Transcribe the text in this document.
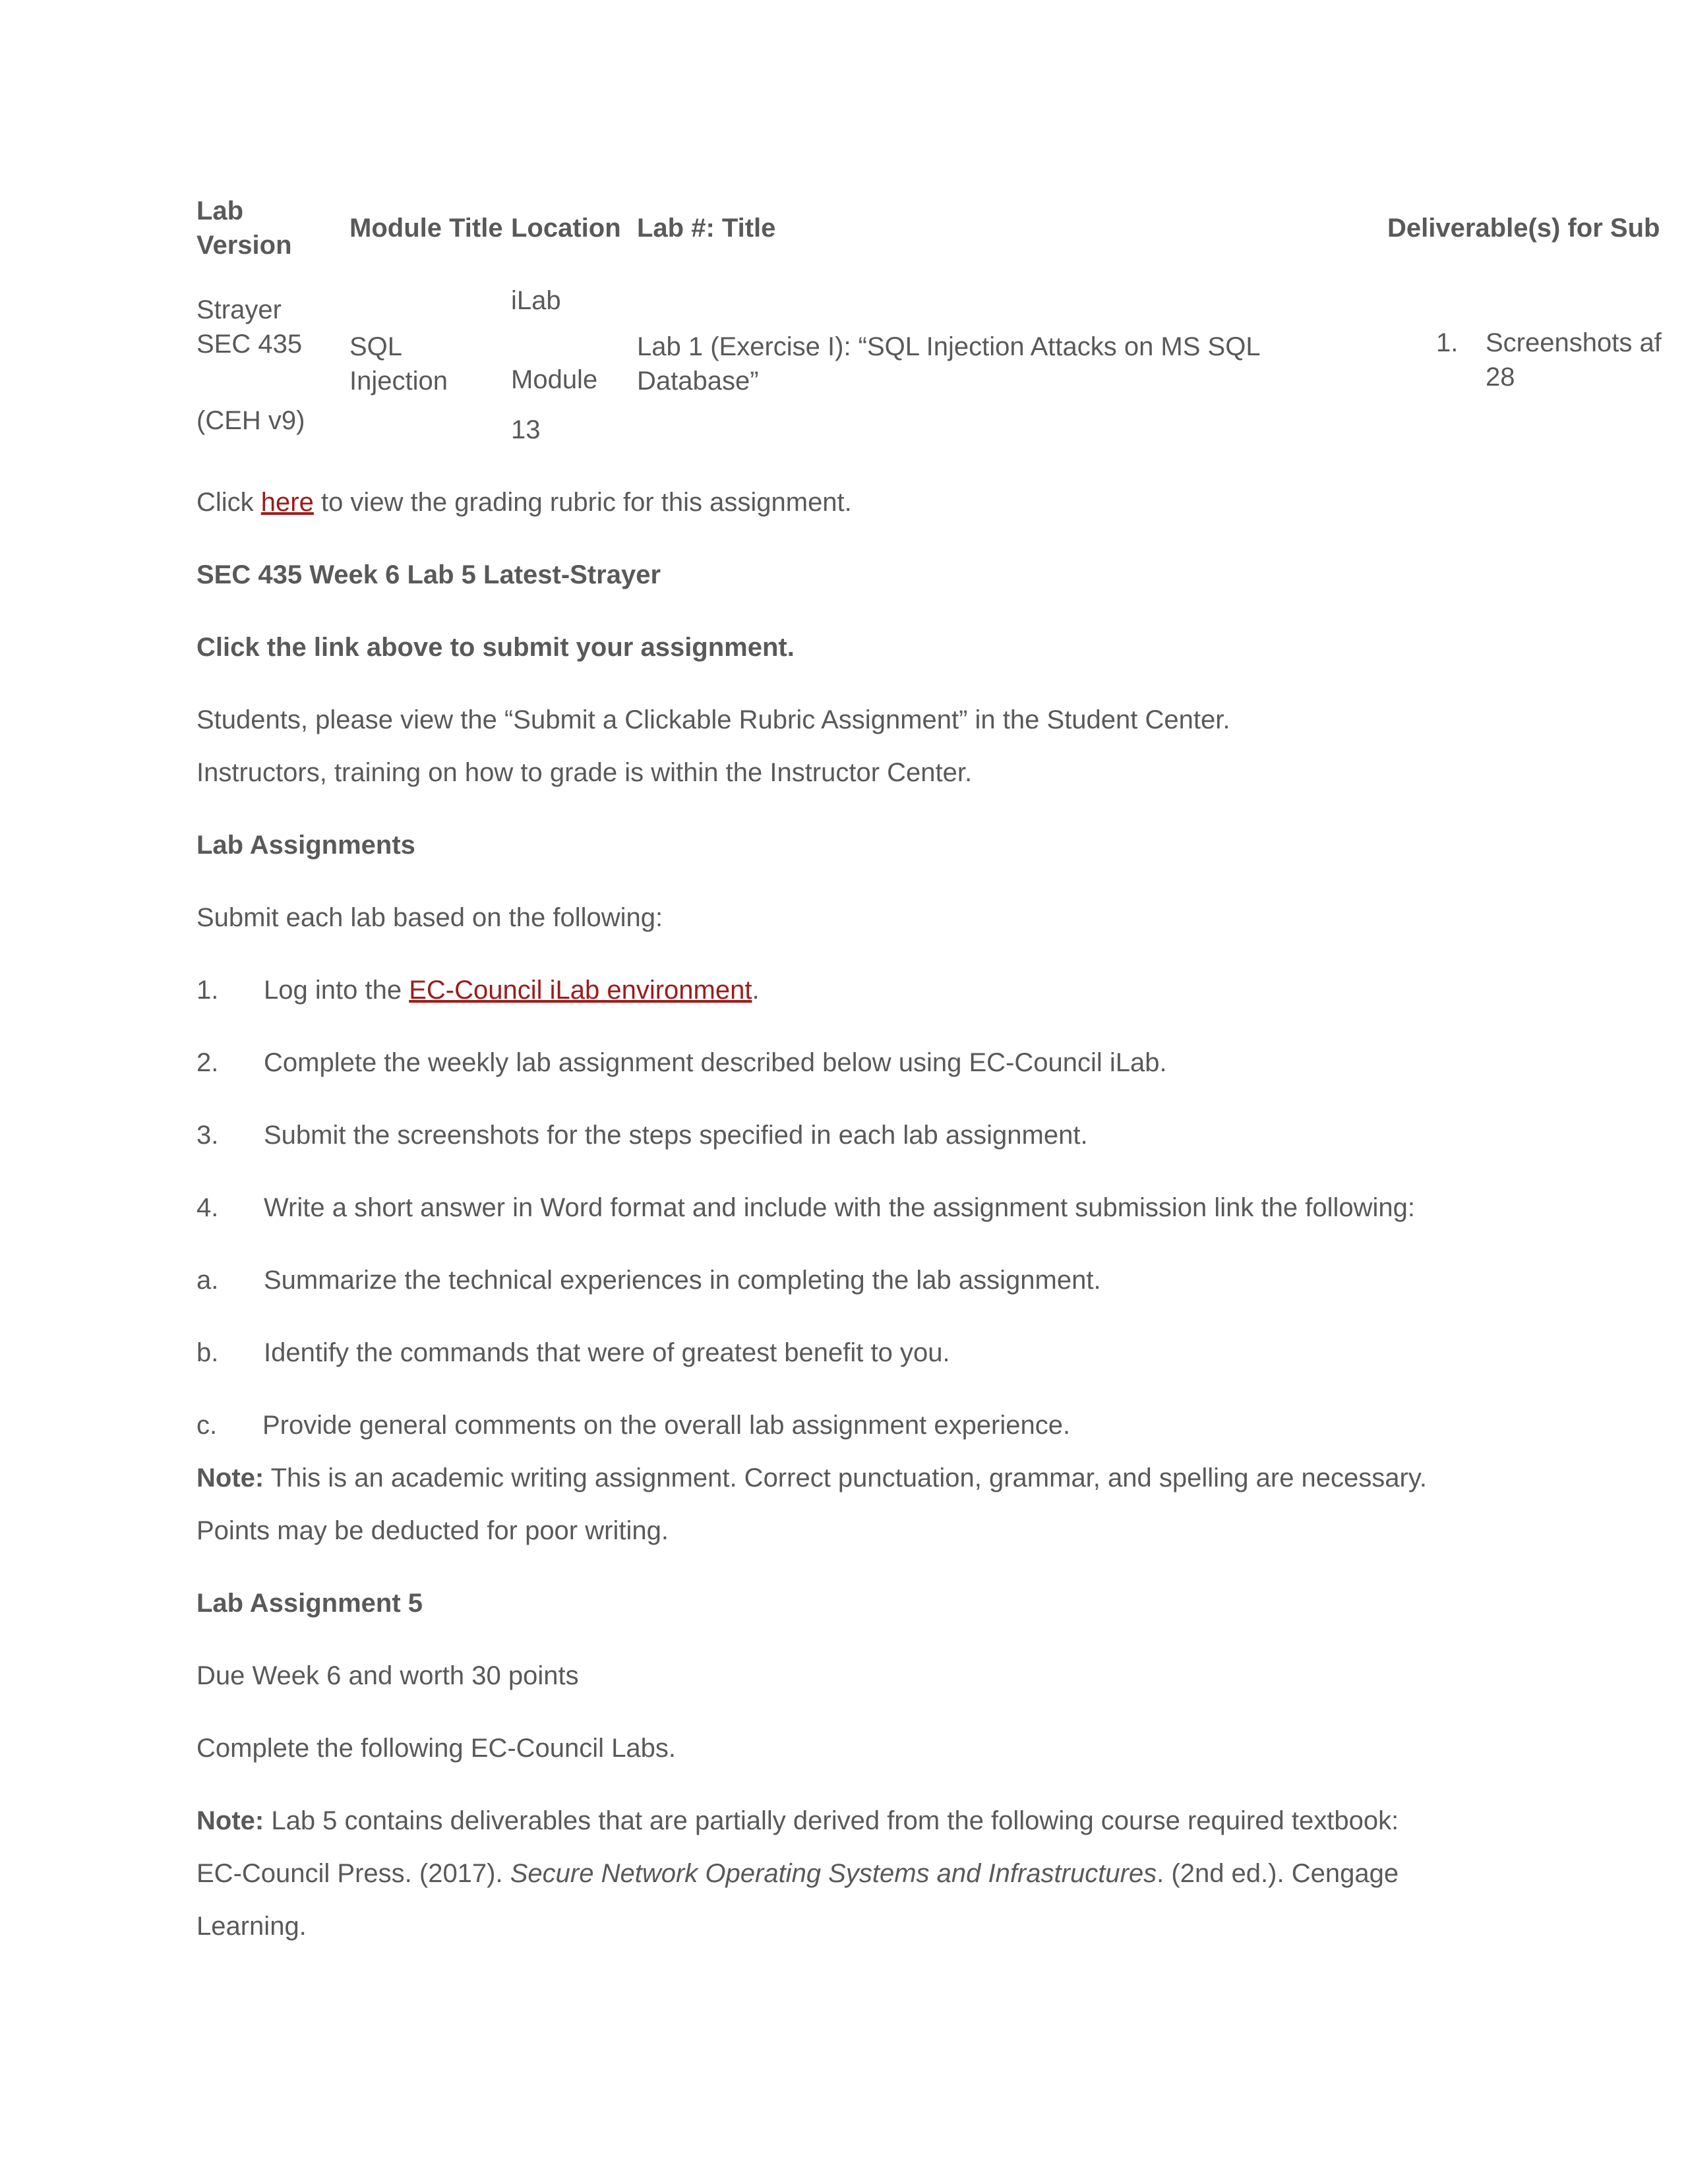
Lab
Version
Module Title Location Lab #: Title	Deliverable(s) for Sub
Strayer
SEC 435
(CEH v9)
SQL
Injection
iLab
Module
13
Lab 1 (Exercise I): “SQL Injection Attacks on MS SQL
Database”
1. Screenshots af
28
Click here to view the grading rubric for this assignment.
SEC 435 Week 6 Lab 5 Latest-Strayer
Click the link above to submit your assignment.
Students, please view the “Submit a Clickable Rubric Assignment” in the Student Center.
Instructors, training on how to grade is within the Instructor Center.
Lab Assignments
Submit each lab based on the following:
1. Log into the EC-Council iLab environment.
2. Complete the weekly lab assignment described below using EC-Council iLab.
3. Submit the screenshots for the steps specified in each lab assignment.
4. Write a short answer in Word format and include with the assignment submission link the following:
a. Summarize the technical experiences in completing the lab assignment.
b. Identify the commands that were of greatest benefit to you.
c. Provide general comments on the overall lab assignment experience.
Note: This is an academic writing assignment. Correct punctuation, grammar, and spelling are necessary.
Points may be deducted for poor writing.
Lab Assignment 5
Due Week 6 and worth 30 points
Complete the following EC-Council Labs.
Note: Lab 5 contains deliverables that are partially derived from the following course required textbook:
EC-Council Press. (2017). Secure Network Operating Systems and Infrastructures. (2nd ed.). Cengage
Learning.
